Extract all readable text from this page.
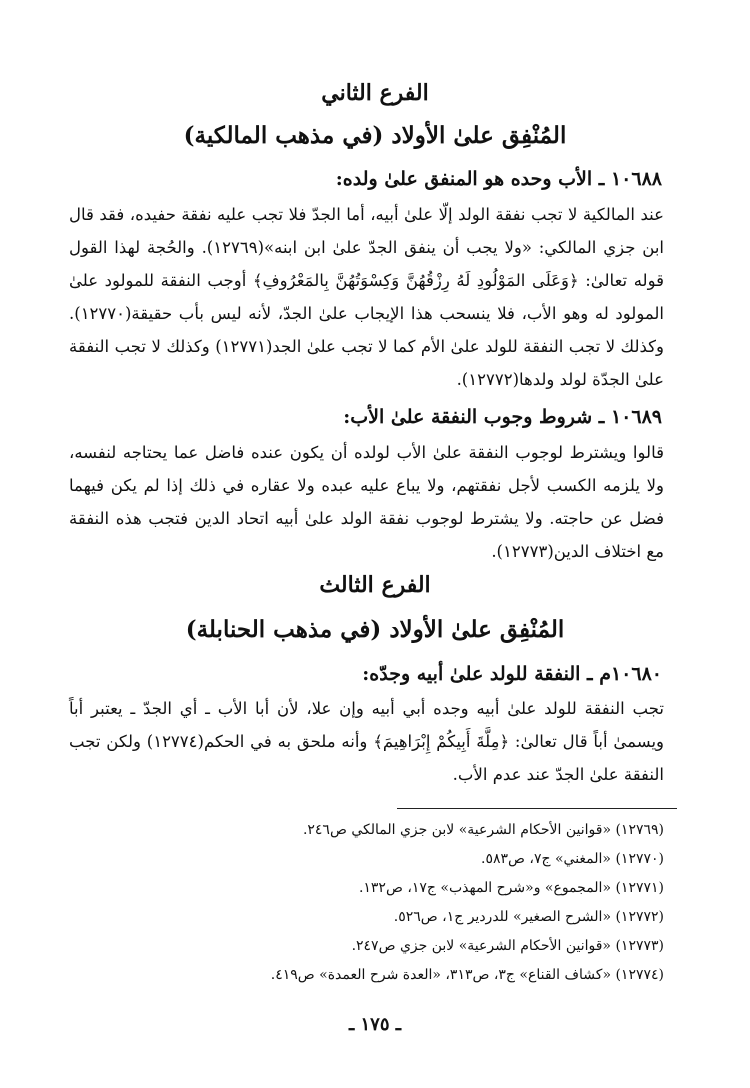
الفرع الثاني
المُنْفِق علىٰ الأولاد (في مذهب المالكية)
١٠٦٨٨ ـ الأب وحده هو المنفق علىٰ ولده:
عند المالكية لا تجب نفقة الولد إلّا علىٰ أبيه، أما الجدّ فلا تجب عليه نفقة حفيده، فقد قال ابن جزي المالكي: «ولا يجب أن ينفق الجدّ علىٰ ابن ابنه»(١٢٧٦٩). والحُجة لهذا القول قوله تعالىٰ: ﴿وَعَلَى المَوْلُودِ لَهُ رِزْقُهُنَّ وَكِسْوَتُهُنَّ بِالمَعْرُوفِ﴾ أوجب النفقة للمولود علىٰ المولود له وهو الأب، فلا ينسحب هذا الإيجاب علىٰ الجدّ، لأنه ليس بأب حقيقة(١٢٧٧٠). وكذلك لا تجب النفقة للولد علىٰ الأم كما لا تجب علىٰ الجد(١٢٧٧١) وكذلك لا تجب النفقة علىٰ الجدّة لولد ولدها(١٢٧٧٢).
١٠٦٨٩ ـ شروط وجوب النفقة علىٰ الأب:
قالوا ويشترط لوجوب النفقة علىٰ الأب لولده أن يكون عنده فاضل عما يحتاجه لنفسه، ولا يلزمه الكسب لأجل نفقتهم، ولا يباع عليه عبده ولا عقاره في ذلك إذا لم يكن فيهما فضل عن حاجته. ولا يشترط لوجوب نفقة الولد علىٰ أبيه اتحاد الدين فتجب هذه النفقة مع اختلاف الدين(١٢٧٧٣).
الفرع الثالث
المُنْفِق علىٰ الأولاد (في مذهب الحنابلة)
١٠٦٨٠م ـ النفقة للولد علىٰ أبيه وجدّه:
تجب النفقة للولد علىٰ أبيه وجده أبي أبيه وإن علا، لأن أبا الأب ـ أي الجدّ ـ يعتبر أباً ويسمىٰ أباً قال تعالىٰ: ﴿مِلَّةَ أَبِيكُمْ إِبْرَاهِيمَ﴾ وأنه ملحق به في الحكم(١٢٧٧٤) ولكن تجب النفقة علىٰ الجدّ عند عدم الأب.
(١٢٧٦٩) «قوانين الأحكام الشرعية» لابن جزي المالكي ص٢٤٦.
(١٢٧٧٠) «المغني» ج٧، ص٥٨٣.
(١٢٧٧١) «المجموع» و«شرح المهذب» ج١٧، ص١٣٢.
(١٢٧٧٢) «الشرح الصغير» للدردير ج١، ص٥٢٦.
(١٢٧٧٣) «قوانين الأحكام الشرعية» لابن جزي ص٢٤٧.
(١٢٧٧٤) «كشاف القناع» ج٣، ص٣١٣، «العدة شرح العمدة» ص٤١٩.
ـ ١٧٥ ـ
